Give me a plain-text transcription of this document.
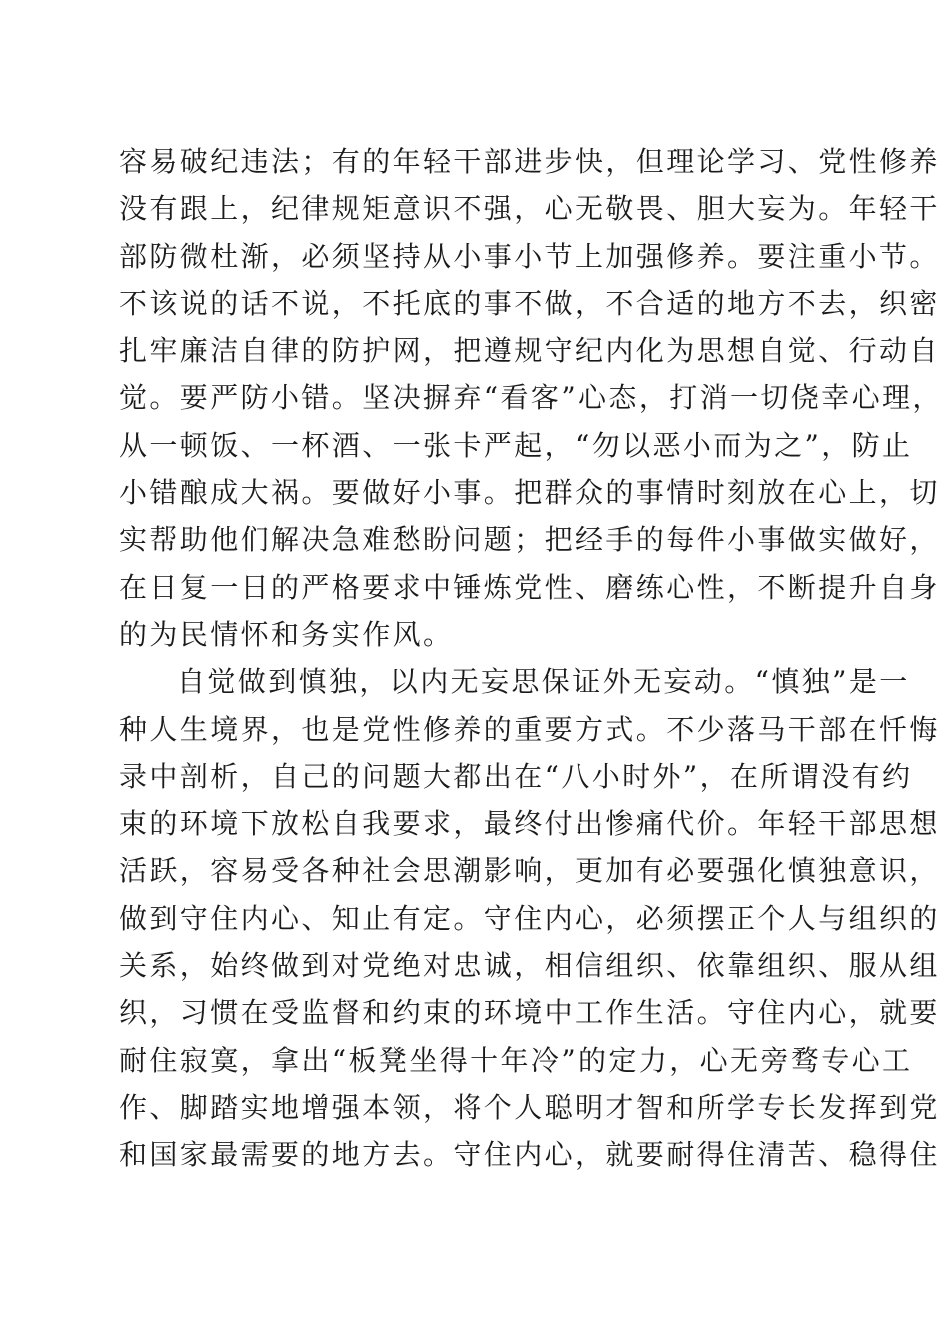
容易破纪违法；有的年轻干部进步快，但理论学习、党性修养
没有跟上，纪律规矩意识不强，心无敬畏、胆大妄为。年轻干
部防微杜渐，必须坚持从小事小节上加强修养。要注重小节。
不该说的话不说，不托底的事不做，不合适的地方不去，织密
扎牢廉洁自律的防护网，把遵规守纪内化为思想自觉、行动自
觉。要严防小错。坚决摒弃“看客”心态，打消一切侥幸心理，
从一顿饭、一杯酒、一张卡严起，“勿以恶小而为之”，防止
小错酿成大祸。要做好小事。把群众的事情时刻放在心上，切
实帮助他们解决急难愁盼问题；把经手的每件小事做实做好，
在日复一日的严格要求中锤炼党性、磨练心性，不断提升自身
的为民情怀和务实作风。
自觉做到慎独，以内无妄思保证外无妄动。“慎独”是一
种人生境界，也是党性修养的重要方式。不少落马干部在忏悔
录中剖析，自己的问题大都出在“八小时外”，在所谓没有约
束的环境下放松自我要求，最终付出惨痛代价。年轻干部思想
活跃，容易受各种社会思潮影响，更加有必要强化慎独意识，
做到守住内心、知止有定。守住内心，必须摆正个人与组织的
关系，始终做到对党绝对忠诚，相信组织、依靠组织、服从组
织，习惯在受监督和约束的环境中工作生活。守住内心，就要
耐住寂寞，拿出“板凳坐得十年冷”的定力，心无旁骛专心工
作、脚踏实地增强本领，将个人聪明才智和所学专长发挥到党
和国家最需要的地方去。守住内心，就要耐得住清苦、稳得住
